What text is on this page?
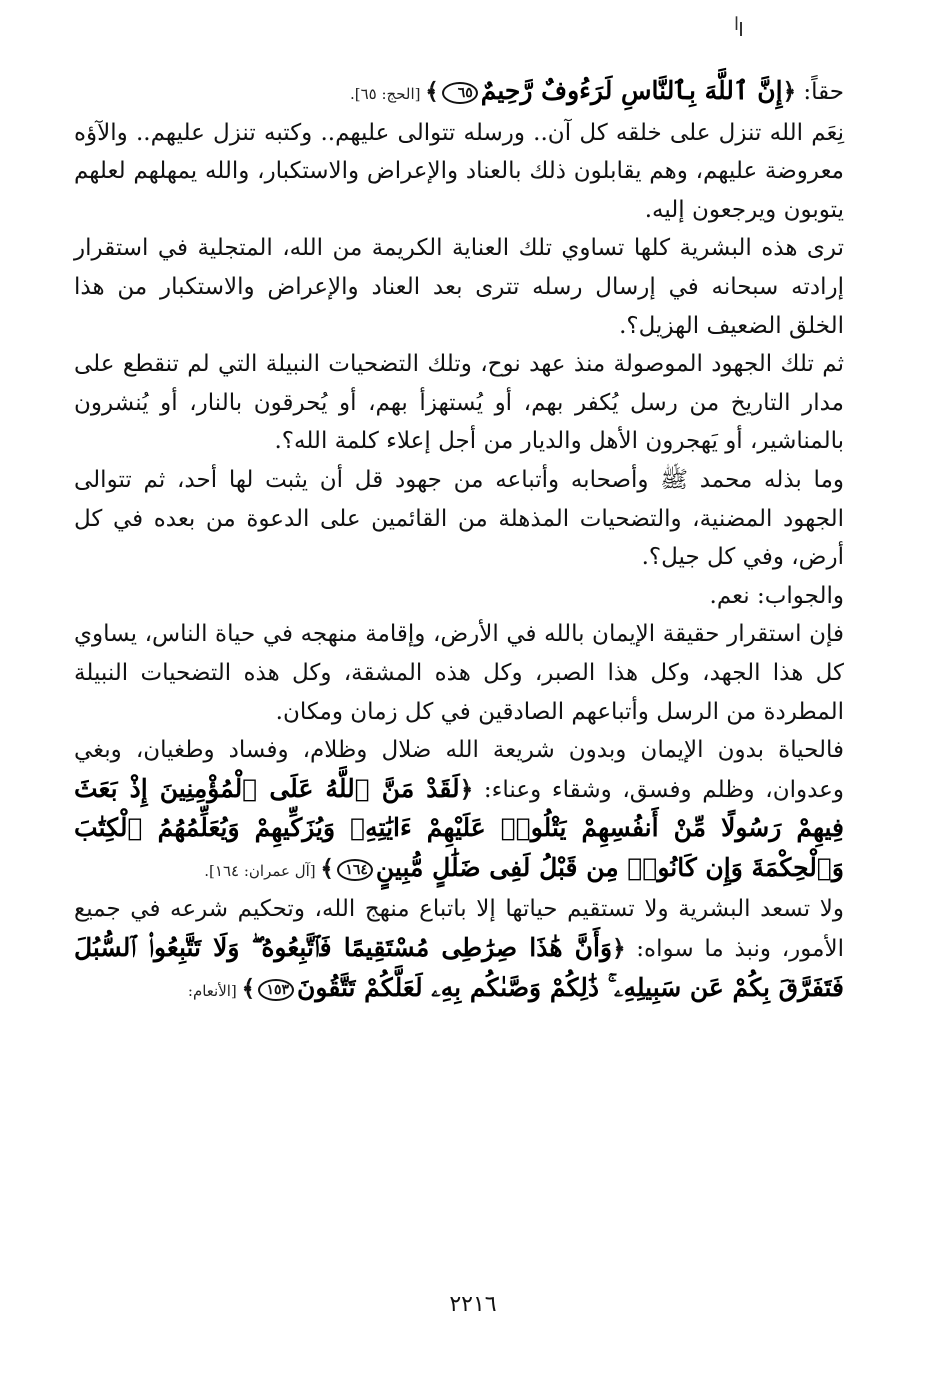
ا

حقاً: ﴿إِنَّ ٱللَّهَ بِٱلنَّاسِ لَرَءُوفٌ رَّحِيمٌ٦٥﴾ [الحج: ٦٥].

نِعَم الله تنزل على خلقه كل آن.. ورسله تتوالى عليهم.. وكتبه تنزل عليهم.. والآؤه معروضة عليهم، وهم يقابلون ذلك بالعناد والإعراض والاستكبار، والله يمهلهم لعلهم يتوبون ويرجعون إليه.

ترى هذه البشرية كلها تساوي تلك العناية الكريمة من الله، المتجلية في استقرار إرادته سبحانه في إرسال رسله تترى بعد العناد والإعراض والاستكبار من هذا الخلق الضعيف الهزيل؟.

ثم تلك الجهود الموصولة منذ عهد نوح، وتلك التضحيات النبيلة التي لم تنقطع على مدار التاريخ من رسل يُكفر بهم، أو يُستهزأ بهم، أو يُحرقون بالنار، أو يُنشرون بالمناشير، أو يَهجرون الأهل والديار من أجل إعلاء كلمة الله؟.

وما بذله محمد ﷺ وأصحابه وأتباعه من جهود قل أن يثبت لها أحد، ثم تتوالى الجهود المضنية، والتضحيات المذهلة من القائمين على الدعوة من بعده في كل أرض، وفي كل جيل؟.

والجواب: نعم.

فإن استقرار حقيقة الإيمان بالله في الأرض، وإقامة منهجه في حياة الناس، يساوي كل هذا الجهد، وكل هذا الصبر، وكل هذه المشقة، وكل هذه التضحيات النبيلة المطردة من الرسل وأتباعهم الصادقين في كل زمان ومكان.

فالحياة بدون الإيمان وبدون شريعة الله ضلال وظلام، وفساد وطغيان، وبغي وعدوان، وظلم وفسق، وشقاء وعناء: ﴿لَقَدْ مَنَّ ٱللَّهُ عَلَى ٱلْمُؤْمِنِينَ إِذْ بَعَثَ فِيهِمْ رَسُولًا مِّنْ أَنفُسِهِمْ يَتْلُوا۟ عَلَيْهِمْ ءَايَٰتِهِۦ وَيُزَكِّيهِمْ وَيُعَلِّمُهُمُ ٱلْكِتَٰبَ وَٱلْحِكْمَةَ وَإِن كَانُوا۟ مِن قَبْلُ لَفِى ضَلَٰلٍ مُّبِينٍ١٦٤﴾ [آل عمران: ١٦٤].

ولا تسعد البشرية ولا تستقيم حياتها إلا باتباع منهج الله، وتحكيم شرعه في جميع الأمور، ونبذ ما سواه: ﴿وَأَنَّ هَٰذَا صِرَٰطِى مُسْتَقِيمًا فَٱتَّبِعُوهُ ۖ وَلَا تَتَّبِعُوا۟ ٱلسُّبُلَ فَتَفَرَّقَ بِكُمْ عَن سَبِيلِهِۦ ۚ ذَٰلِكُمْ وَصَّىٰكُم بِهِۦ لَعَلَّكُمْ تَتَّقُونَ١٥٣﴾ [الأنعام:

٢٢١٦
